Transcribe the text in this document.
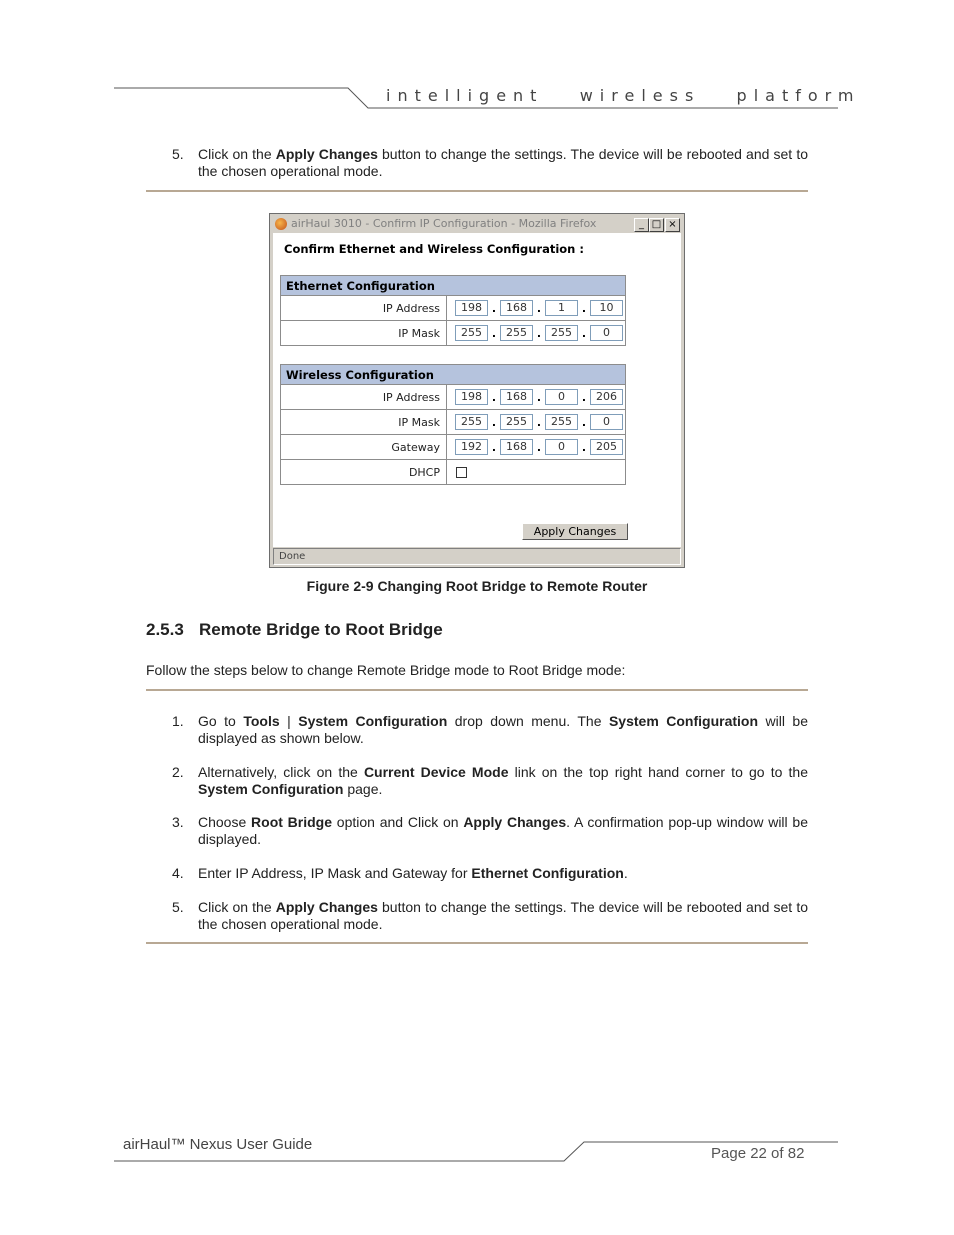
intelligent   wireless   platform
5. Click on the Apply Changes button to change the settings. The device will be rebooted and set to the chosen operational mode.
airHaul 3010 - Confirm IP Configuration - Mozilla Firefox	_ □ ×
Confirm Ethernet and Wireless Configuration :
Ethernet Configuration	
IP Address	198 . 168 . 1 . 10

IP Mask	255 . 255 . 255 . 0
Wireless Configuration	
IP Address	198 . 168 . 0 . 206

IP Mask	255 . 255 . 255 . 0

Gateway	192 . 168 . 0 . 205

DHCP	
Apply Changes
Done
Figure 2-9 Changing Root Bridge to Remote Router
2.5.3 Remote Bridge to Root Bridge
Follow the steps below to change Remote Bridge mode to Root Bridge mode:
1. Go to Tools | System Configuration drop down menu. The System Configuration will be displayed as shown below.
2. Alternatively, click on the Current Device Mode link on the top right hand corner to go to the System Configuration page.
3. Choose Root Bridge option and Click on Apply Changes. A confirmation pop-up window will be displayed.
4. Enter IP Address, IP Mask and Gateway for Ethernet Configuration.
5. Click on the Apply Changes button to change the settings. The device will be rebooted and set to the chosen operational mode.
airHaul™ Nexus User Guide
Page 22 of 82
